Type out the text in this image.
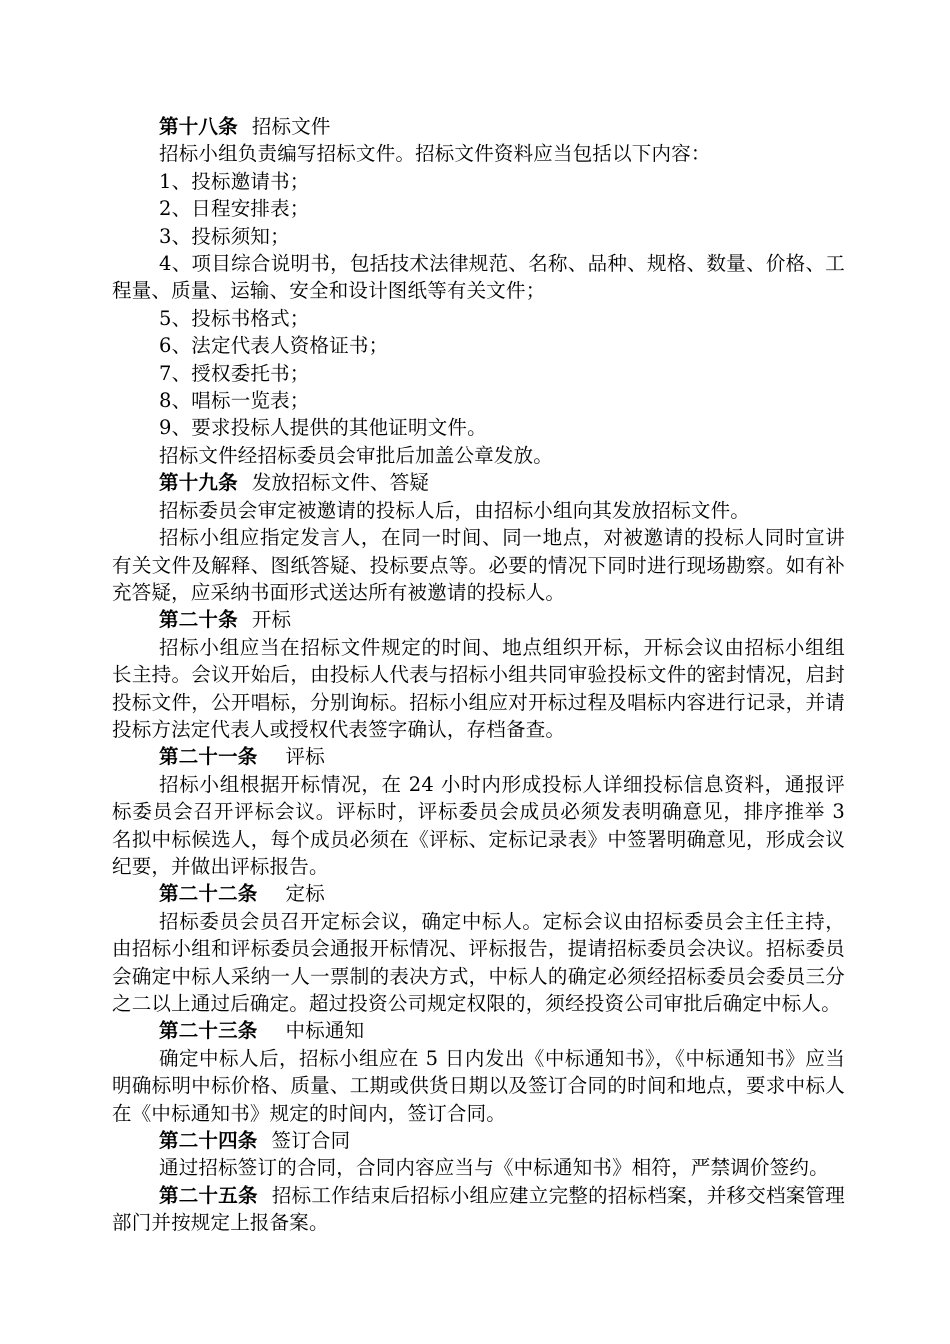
第十八条 招标文件

招标小组负责编写招标文件。招标文件资料应当包括以下内容：

1、投标邀请书；

2、日程安排表；

3、投标须知；

4、项目综合说明书，包括技术法律规范、名称、品种、规格、数量、价格、工程量、质量、运输、安全和设计图纸等有关文件；

5、投标书格式；

6、法定代表人资格证书；

7、授权委托书；

8、唱标一览表；

9、要求投标人提供的其他证明文件。

招标文件经招标委员会审批后加盖公章发放。

第十九条 发放招标文件、答疑

招标委员会审定被邀请的投标人后，由招标小组向其发放招标文件。

招标小组应指定发言人，在同一时间、同一地点，对被邀请的投标人同时宣讲有关文件及解释、图纸答疑、投标要点等。必要的情况下同时进行现场勘察。如有补充答疑，应采纳书面形式送达所有被邀请的投标人。

第二十条 开标

招标小组应当在招标文件规定的时间、地点组织开标，开标会议由招标小组组长主持。会议开始后，由投标人代表与招标小组共同审验投标文件的密封情况，启封投标文件，公开唱标，分别询标。招标小组应对开标过程及唱标内容进行记录，并请投标方法定代表人或授权代表签字确认，存档备查。

第二十一条 评标

招标小组根据开标情况，在 24 小时内形成投标人详细投标信息资料，通报评标委员会召开评标会议。评标时，评标委员会成员必须发表明确意见，排序推举 3 名拟中标候选人，每个成员必须在《评标、定标记录表》中签署明确意见，形成会议纪要，并做出评标报告。

第二十二条 定标

招标委员会员召开定标会议，确定中标人。定标会议由招标委员会主任主持，由招标小组和评标委员会通报开标情况、评标报告，提请招标委员会决议。招标委员会确定中标人采纳一人一票制的表决方式，中标人的确定必须经招标委员会委员三分之二以上通过后确定。超过投资公司规定权限的，须经投资公司审批后确定中标人。

第二十三条 中标通知

确定中标人后，招标小组应在 5 日内发出《中标通知书》，《中标通知书》应当明确标明中标价格、质量、工期或供货日期以及签订合同的时间和地点，要求中标人在《中标通知书》规定的时间内，签订合同。

第二十四条 签订合同

通过招标签订的合同，合同内容应当与《中标通知书》相符，严禁调价签约。

第二十五条 招标工作结束后招标小组应建立完整的招标档案，并移交档案管理部门并按规定上报备案。
